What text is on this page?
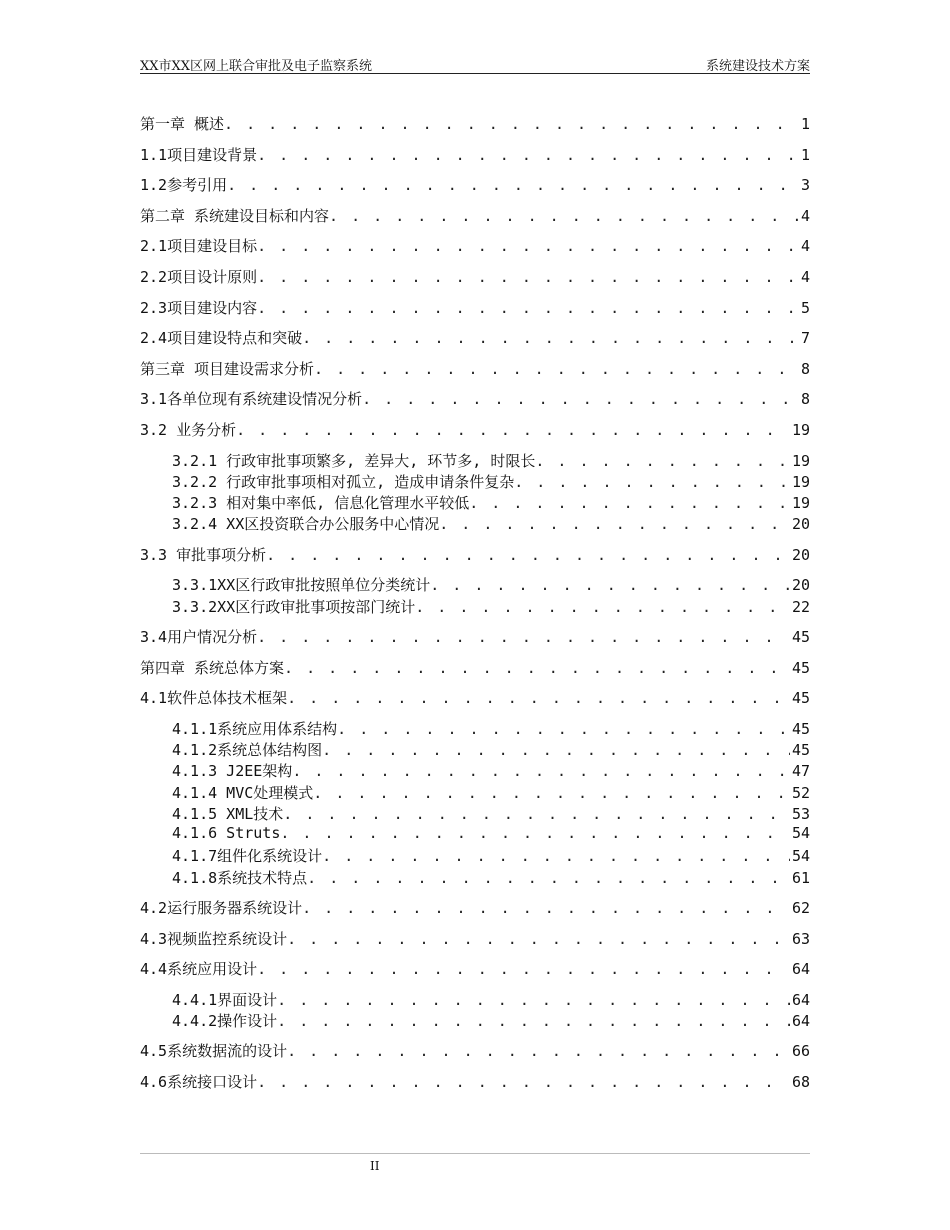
XX市XX区网上联合审批及电子监察系统	系统建设技术方案
第一章 概述 . . .	1
1.1项目建设背景 . . .	1
1.2参考引用 . . .	3
第二章 系统建设目标和内容 . . .	4
2.1项目建设目标 . . .	4
2.2项目设计原则 . . .	4
2.3项目建设内容 . . .	5
2.4项目建设特点和突破 . . .	7
第三章 项目建设需求分析 . . .	8
3.1各单位现有系统建设情况分析 . . .	8
3.2 业务分析 . . .	19
3.2.1 行政审批事项繁多, 差异大, 环节多, 时限长 . . .	19
3.2.2 行政审批事项相对孤立, 造成申请条件复杂 . . .	19
3.2.3 相对集中率低, 信息化管理水平较低 . . .	19
3.2.4 XX区投资联合办公服务中心情况 . . .	20
3.3 审批事项分析 . . .	20
3.3.1XX区行政审批按照单位分类统计 . . .	20
3.3.2XX区行政审批事项按部门统计 . . .	22
3.4用户情况分析 . . .	45
第四章 系统总体方案 . . .	45
4.1软件总体技术框架 . . .	45
4.1.1系统应用体系结构 . . .	45
4.1.2系统总体结构图 . . .	45
4.1.3 J2EE架构 . . .	47
4.1.4 MVC处理模式 . . .	52
4.1.5 XML技术 . . .	53
4.1.6 Struts . . .	54
4.1.7组件化系统设计 . . .	54
4.1.8系统技术特点 . . .	61
4.2运行服务器系统设计 . . .	62
4.3视频监控系统设计 . . .	63
4.4系统应用设计 . . .	64
4.4.1界面设计 . . .	64
4.4.2操作设计 . . .	64
4.5系统数据流的设计 . . .	66
4.6系统接口设计 . . .	68
II
